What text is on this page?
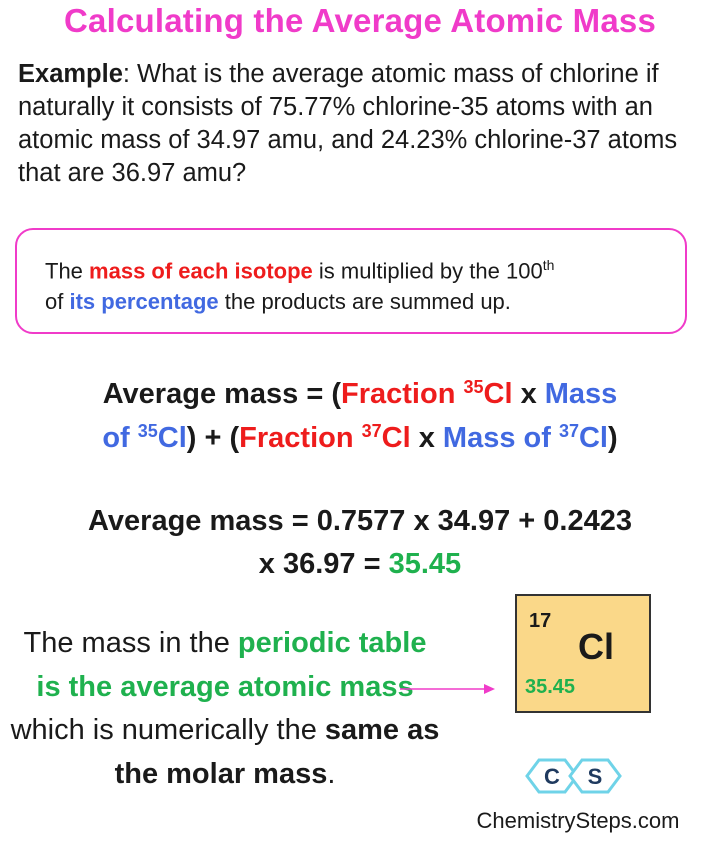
Calculating the Average Atomic Mass
Example: What is the average atomic mass of chlorine if naturally it consists of 75.77% chlorine-35 atoms with an atomic mass of 34.97 amu, and 24.23% chlorine-37 atoms that are 36.97 amu?
The mass of each isotope is multiplied by the 100th
of its percentage the products are summed up.
Average mass = (Fraction $^{35}$Cl x Mass
of $^{35}$Cl) + (Fraction $^{37}$Cl x Mass of $^{37}$Cl)
Average mass = 0.7577 x 34.97 + 0.2423
x 36.97 = 35.45
The mass in the periodic table is the average atomic mass which is numerically the same as the molar mass.
17
Cl
35.45
C S
ChemistrySteps.com
